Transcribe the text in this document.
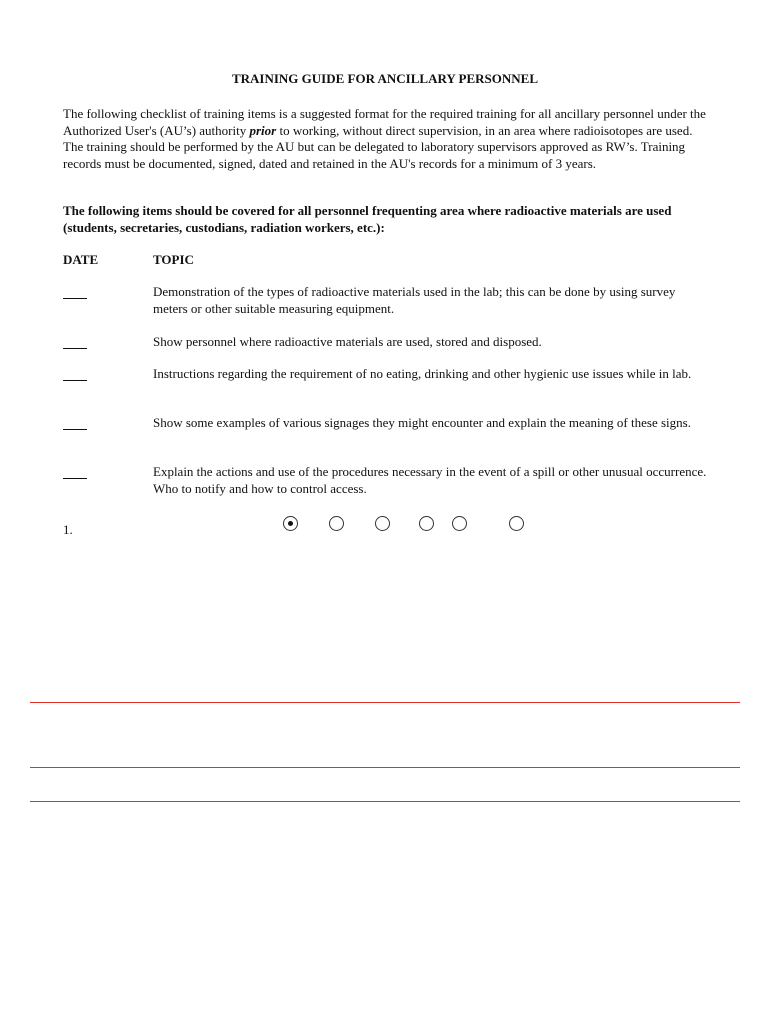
TRAINING GUIDE FOR ANCILLARY PERSONNEL
The following checklist of training items is a suggested format for the required training for all ancillary personnel under the Authorized User's (AU’s) authority prior to working, without direct supervision, in an area where radioisotopes are used. The training should be performed by the AU but can be delegated to laboratory supervisors approved as RW’s. Training records must be documented, signed, dated and retained in the AU's records for a minimum of 3 years.
The following items should be covered for all personnel frequenting area where radioactive materials are used (students, secretaries, custodians, radiation workers, etc.):
DATE	TOPIC
Demonstration of the types of radioactive materials used in the lab; this can be done by using survey meters or other suitable measuring equipment.
Show personnel where radioactive materials are used, stored and disposed.
Instructions regarding the requirement of no eating, drinking and other hygienic use issues while in lab.
Show some examples of various signages they might encounter and explain the meaning of these signs.
Explain the actions and use of the procedures necessary in the event of a spill or other unusual occurrence. Who to notify and how to control access.
1.
